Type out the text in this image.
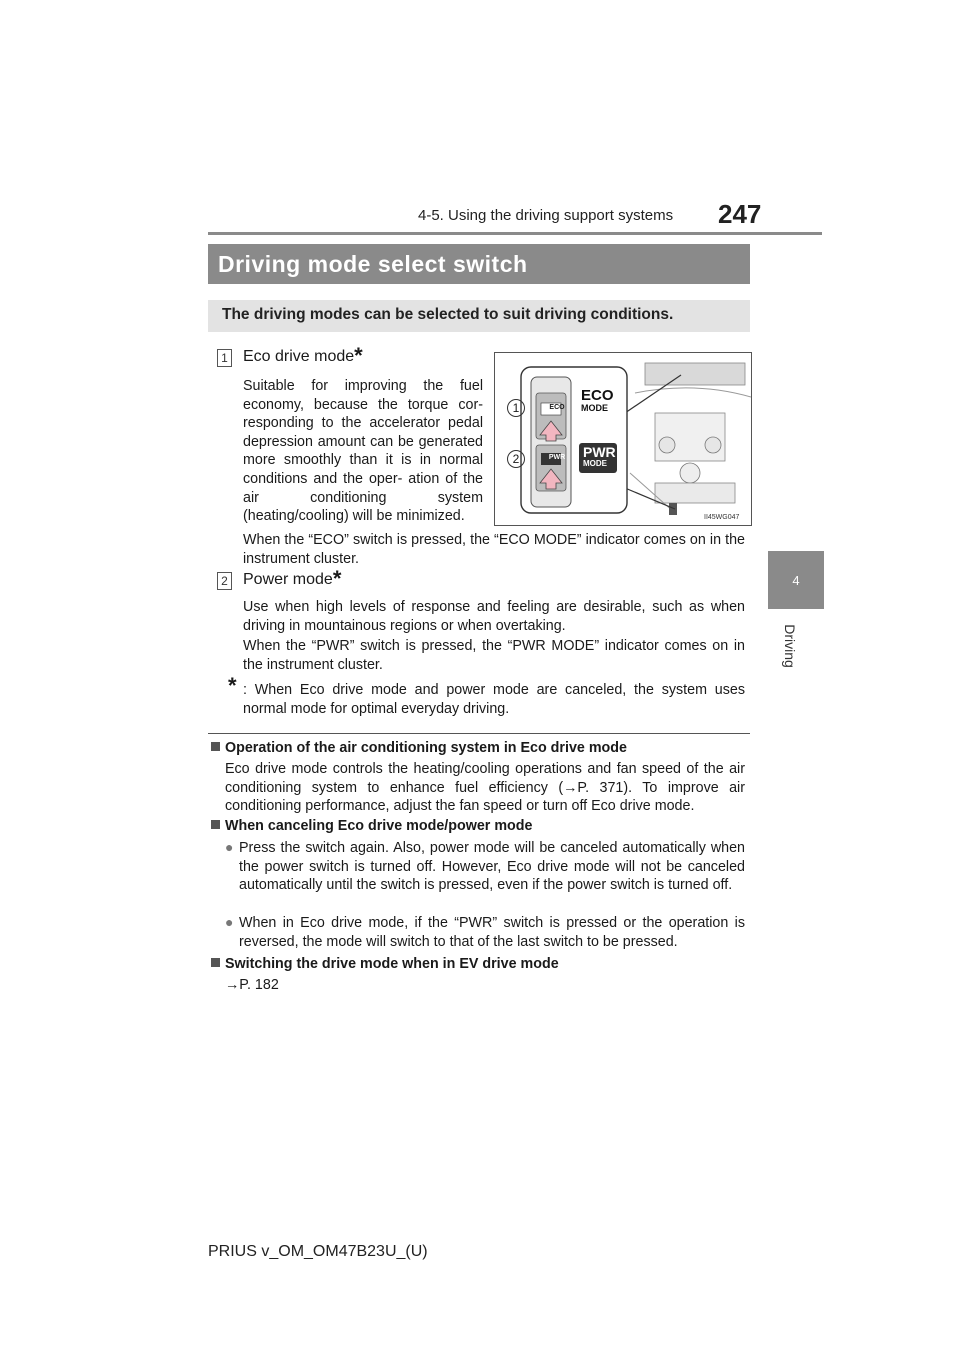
4-5. Using the driving support systems 247
4
Driving
Driving mode select switch
The driving modes can be selected to suit driving conditions.
1 Eco drive mode*
Suitable for improving the fuel economy, because the torque cor- responding to the accelerator pedal depression amount can be generated more smoothly than it is in normal conditions and the oper- ation of the air conditioning system (heating/cooling) will be minimized.
When the “ECO” switch is pressed, the “ECO MODE” indicator comes on in the instrument cluster.
1
2
ECO
PWR
ECO
MODE
PWR
MODE
II45WG047
2 Power mode*
Use when high levels of response and feeling are desirable, such as when driving in mountainous regions or when overtaking.
When the “PWR” switch is pressed, the “PWR MODE” indicator comes on in the instrument cluster.
* : When Eco drive mode and power mode are canceled, the system uses normal mode for optimal everyday driving.
Operation of the air conditioning system in Eco drive mode
Eco drive mode controls the heating/cooling operations and fan speed of the air conditioning system to enhance fuel efficiency (→P. 371). To improve air conditioning performance, adjust the fan speed or turn off Eco drive mode.
When canceling Eco drive mode/power mode
● Press the switch again. Also, power mode will be canceled automatically when the power switch is turned off. However, Eco drive mode will not be canceled automatically until the switch is pressed, even if the power switch is turned off.
● When in Eco drive mode, if the “PWR” switch is pressed or the operation is reversed, the mode will switch to that of the last switch to be pressed.
Switching the drive mode when in EV drive mode
→P. 182
PRIUS v_OM_OM47B23U_(U)
